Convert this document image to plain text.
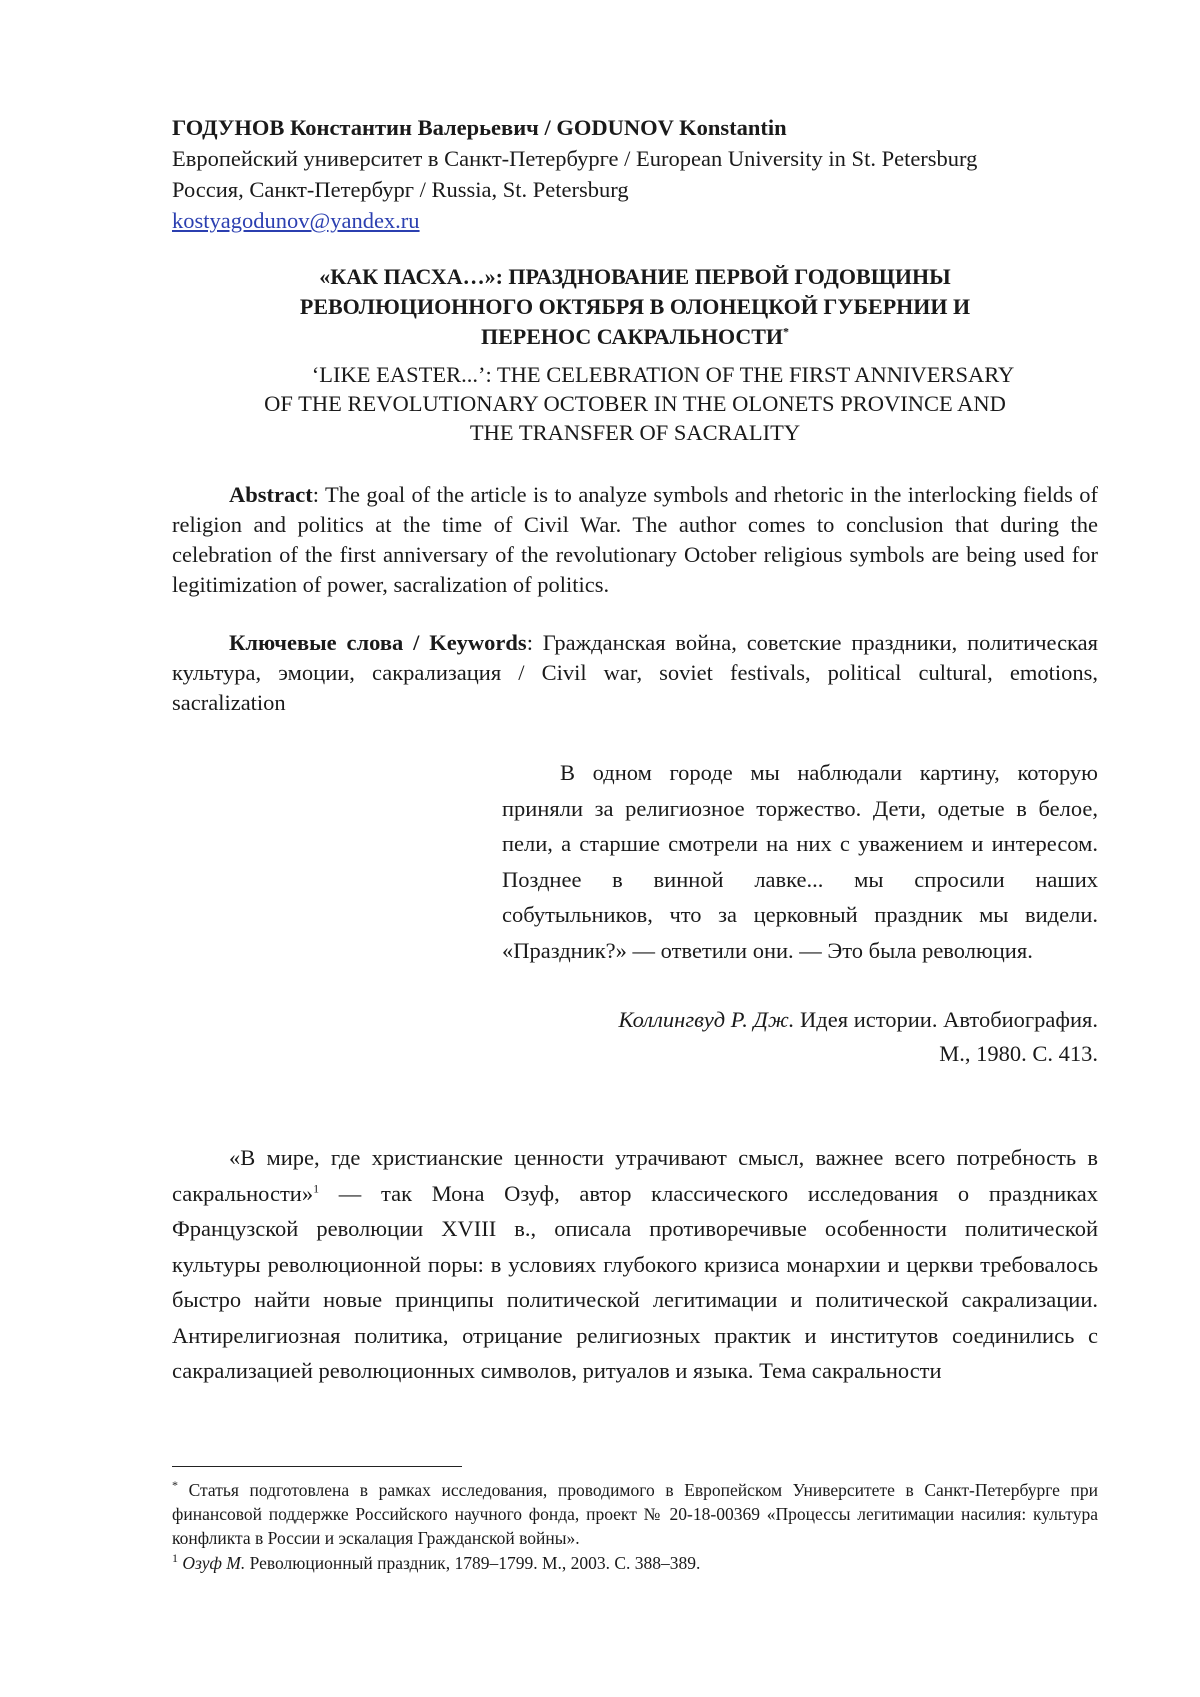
ГОДУНОВ Константин Валерьевич / GODUNOV Konstantin
Европейский университет в Санкт-Петербурге / European University in St. Petersburg
Россия, Санкт-Петербург / Russia, St. Petersburg
kostyagodunov@yandex.ru
«КАК ПАСХА…»: ПРАЗДНОВАНИЕ ПЕРВОЙ ГОДОВЩИНЫ
РЕВОЛЮЦИОННОГО ОКТЯБРЯ В ОЛОНЕЦКОЙ ГУБЕРНИИ И
ПЕРЕНОС САКРАЛЬНОСТИ*
‘LIKE EASTER...’: THE CELEBRATION OF THE FIRST ANNIVERSARY
OF THE REVOLUTIONARY OCTOBER IN THE OLONETS PROVINCE AND
THE TRANSFER OF SACRALITY
Abstract: The goal of the article is to analyze symbols and rhetoric in the interlocking fields of religion and politics at the time of Civil War. The author comes to conclusion that during the celebration of the first anniversary of the revolutionary October religious symbols are being used for legitimization of power, sacralization of politics.
Ключевые слова / Keywords: Гражданская война, советские праздники, политическая культура, эмоции, сакрализация / Civil war, soviet festivals, political cultural, emotions, sacralization
В одном городе мы наблюдали картину, которую приняли за религиозное торжество. Дети, одетые в белое, пели, а старшие смотрели на них с уважением и интересом. Позднее в винной лавке... мы спросили наших собутыльников, что за церковный праздник мы видели. «Праздник?» — ответили они. — Это была революция.
Коллингвуд Р. Дж. Идея истории. Автобиография.
М., 1980. С. 413.
«В мире, где христианские ценности утрачивают смысл, важнее всего потребность в сакральности»1 — так Мона Озуф, автор классического исследования о праздниках Французской революции XVIII в., описала противоречивые особенности политической культуры революционной поры: в условиях глубокого кризиса монархии и церкви требовалось быстро найти новые принципы политической легитимации и политической сакрализации. Антирелигиозная политика, отрицание религиозных практик и институтов соединились с сакрализацией революционных символов, ритуалов и языка. Тема сакральности
* Статья подготовлена в рамках исследования, проводимого в Европейском Университете в Санкт-Петербурге при финансовой поддержке Российского научного фонда, проект № 20-18-00369 «Процессы легитимации насилия: культура конфликта в России и эскалация Гражданской войны».
1 Озуф М. Революционный праздник, 1789–1799. М., 2003. С. 388–389.
